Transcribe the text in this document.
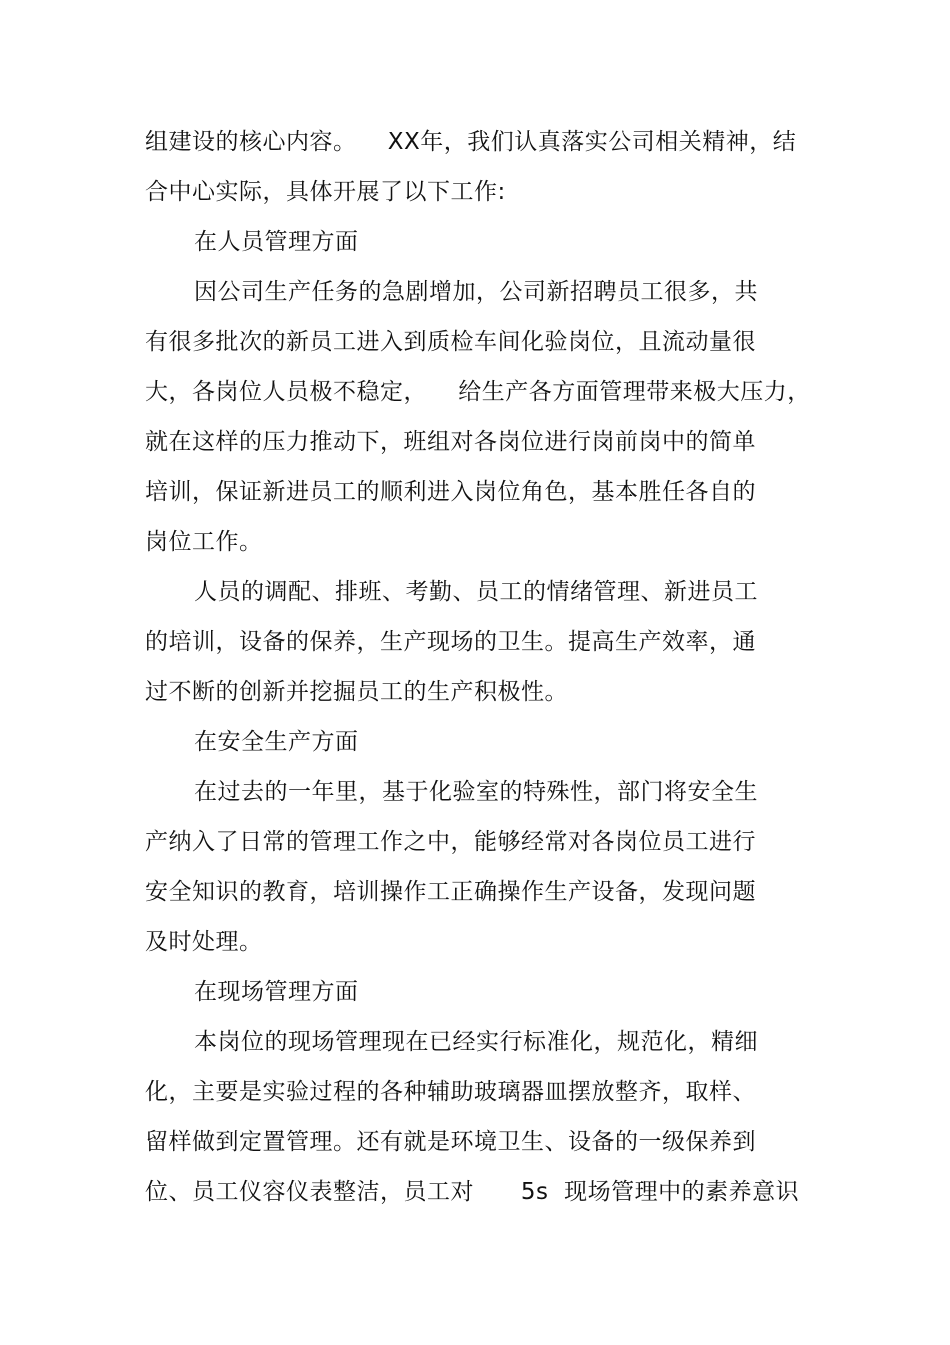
组建设的核心内容。    XX年，我们认真落实公司相关精神，结
合中心实际，具体开展了以下工作:
在人员管理方面
因公司生产任务的急剧增加，公司新招聘员工很多，共
有很多批次的新员工进入到质检车间化验岗位，且流动量很
大，各岗位人员极不稳定，    给生产各方面管理带来极大压力，
就在这样的压力推动下，班组对各岗位进行岗前岗中的简单
培训，保证新进员工的顺利进入岗位角色，基本胜任各自的
岗位工作。
人员的调配、排班、考勤、员工的情绪管理、新进员工
的培训，设备的保养，生产现场的卫生。提高生产效率，通
过不断的创新并挖掘员工的生产积极性。
在安全生产方面
在过去的一年里，基于化验室的特殊性，部门将安全生
产纳入了日常的管理工作之中，能够经常对各岗位员工进行
安全知识的教育，培训操作工正确操作生产设备，发现问题
及时处理。
在现场管理方面
本岗位的现场管理现在已经实行标准化，规范化，精细
化，主要是实验过程的各种辅助玻璃器皿摆放整齐，取样、
留样做到定置管理。还有就是环境卫生、设备的一级保养到
位、员工仪容仪表整洁，员工对      5s  现场管理中的素养意识
